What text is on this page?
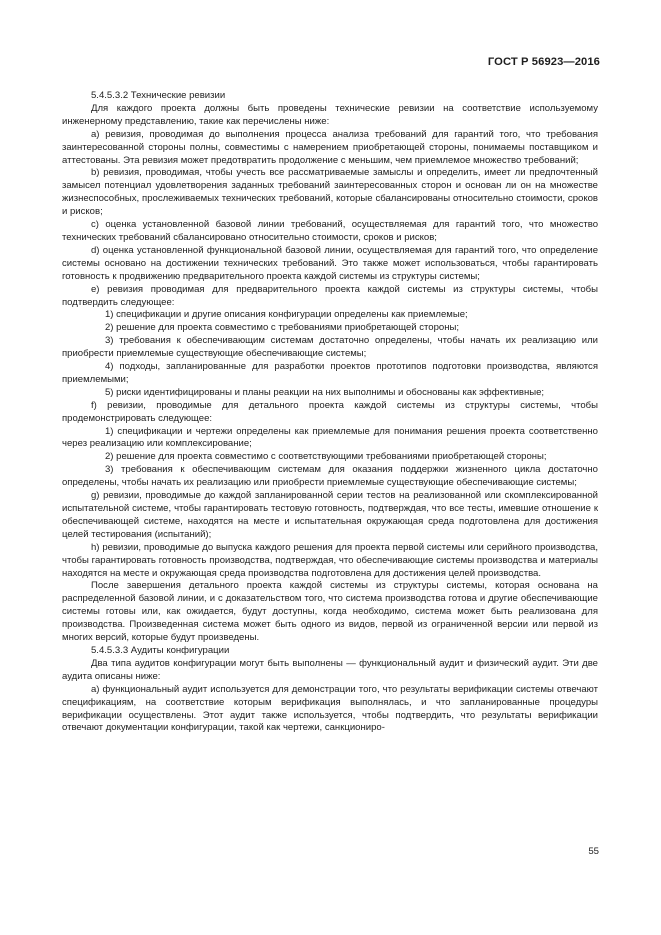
ГОСТ Р 56923—2016

5.4.5.3.2 Технические ревизии

Для каждого проекта должны быть проведены технические ревизии на соответствие используемому инженерному представлению, такие как перечислены ниже:

a) ревизия, проводимая до выполнения процесса анализа требований для гарантий того, что требования заинтересованной стороны полны, совместимы с намерением приобретающей стороны, понимаемы поставщиком и аттестованы. Эта ревизия может предотвратить продолжение с меньшим, чем приемлемое множество требований;

b) ревизия, проводимая, чтобы учесть все рассматриваемые замыслы и определить, имеет ли предпочтенный замысел потенциал удовлетворения заданных требований заинтересованных сторон и основан ли он на множестве жизнеспособных, прослеживаемых технических требований, которые сбалансированы относительно стоимости, сроков и рисков;

c) оценка установленной базовой линии требований, осуществляемая для гарантий того, что множество технических требований сбалансировано относительно стоимости, сроков и рисков;

d) оценка установленной функциональной базовой линии, осуществляемая для гарантий того, что определение системы основано на достижении технических требований. Это также может использоваться, чтобы гарантировать готовность к продвижению предварительного проекта каждой системы из структуры системы;

e) ревизия проводимая для предварительного проекта каждой системы из структуры системы, чтобы подтвердить следующее:

1) спецификации и другие описания конфигурации определены как приемлемые;

2) решение для проекта совместимо с требованиями приобретающей стороны;

3) требования к обеспечивающим системам достаточно определены, чтобы начать их реализацию или приобрести приемлемые существующие обеспечивающие системы;

4) подходы, запланированные для разработки проектов прототипов подготовки производства, являются приемлемыми;

5) риски идентифицированы и планы реакции на них выполнимы и обоснованы как эффективные;

f) ревизии, проводимые для детального проекта каждой системы из структуры системы, чтобы продемонстрировать следующее:

1) спецификации и чертежи определены как приемлемые для понимания решения проекта соответственно через реализацию или комплексирование;

2) решение для проекта совместимо с соответствующими требованиями приобретающей стороны;

3) требования к обеспечивающим системам для оказания поддержки жизненного цикла достаточно определены, чтобы начать их реализацию или приобрести приемлемые существующие обеспечивающие системы;

g) ревизии, проводимые до каждой запланированной серии тестов на реализованной или скомплексированной испытательной системе, чтобы гарантировать тестовую готовность, подтверждая, что все тесты, имевшие отношение к обеспечивающей системе, находятся на месте и испытательная окружающая среда подготовлена для достижения целей тестирования (испытаний);

h) ревизии, проводимые до выпуска каждого решения для проекта первой системы или серийного производства, чтобы гарантировать готовность производства, подтверждая, что обеспечивающие системы производства и материалы находятся на месте и окружающая среда производства подготовлена для достижения целей производства.

После завершения детального проекта каждой системы из структуры системы, которая основана на распределенной базовой линии, и с доказательством того, что система производства готова и другие обеспечивающие системы готовы или, как ожидается, будут доступны, когда необходимо, система может быть реализована для производства. Произведенная система может быть одного из видов, первой из ограниченной версии или первой из многих версий, которые будут произведены.

5.4.5.3.3 Аудиты конфигурации

Два типа аудитов конфигурации могут быть выполнены — функциональный аудит и физический аудит. Эти две аудита описаны ниже:

a) функциональный аудит используется для демонстрации того, что результаты верификации системы отвечают спецификациям, на соответствие которым верификация выполнялась, и что запланированные процедуры верификации осуществлены. Этот аудит также используется, чтобы подтвердить, что результаты верификации отвечают документации конфигурации, такой как чертежи, санкциониро-

55
